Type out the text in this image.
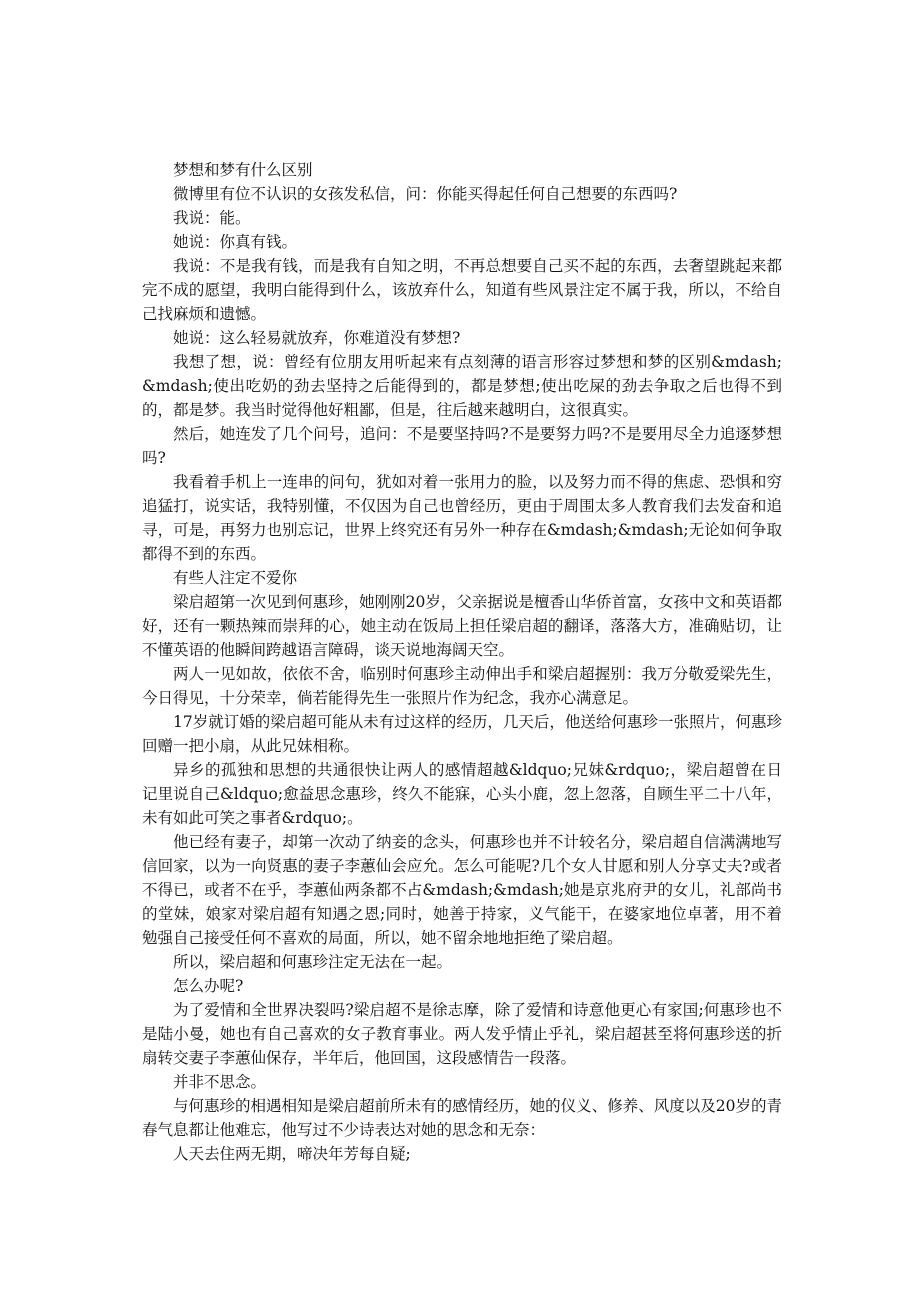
梦想和梦有什么区别

微博里有位不认识的女孩发私信，问：你能买得起任何自己想要的东西吗?

我说：能。

她说：你真有钱。

我说：不是我有钱，而是我有自知之明，不再总想要自己买不起的东西，去奢望跳起来都完不成的愿望，我明白能得到什么，该放弃什么，知道有些风景注定不属于我，所以，不给自己找麻烦和遗憾。

她说：这么轻易就放弃，你难道没有梦想?

我想了想，说：曾经有位朋友用听起来有点刻薄的语言形容过梦想和梦的区别&mdash;&mdash;使出吃奶的劲去坚持之后能得到的，都是梦想;使出吃屎的劲去争取之后也得不到的，都是梦。我当时觉得他好粗鄙，但是，往后越来越明白，这很真实。

然后，她连发了几个问号，追问：不是要坚持吗?不是要努力吗?不是要用尽全力追逐梦想吗?

我看着手机上一连串的问句，犹如对着一张用力的脸，以及努力而不得的焦虑、恐惧和穷追猛打，说实话，我特别懂，不仅因为自己也曾经历，更由于周围太多人教育我们去发奋和追寻，可是，再努力也别忘记，世界上终究还有另外一种存在&mdash;&mdash;无论如何争取都得不到的东西。

有些人注定不爱你

梁启超第一次见到何惠珍，她刚刚20岁，父亲据说是檀香山华侨首富，女孩中文和英语都好，还有一颗热辣而崇拜的心，她主动在饭局上担任梁启超的翻译，落落大方，准确贴切，让不懂英语的他瞬间跨越语言障碍，谈天说地海阔天空。

两人一见如故，依依不舍，临别时何惠珍主动伸出手和梁启超握别：我万分敬爱梁先生，今日得见，十分荣幸，倘若能得先生一张照片作为纪念，我亦心满意足。

17岁就订婚的梁启超可能从未有过这样的经历，几天后，他送给何惠珍一张照片，何惠珍回赠一把小扇，从此兄妹相称。

异乡的孤独和思想的共通很快让两人的感情超越&ldquo;兄妹&rdquo;，梁启超曾在日记里说自己&ldquo;愈益思念惠珍，终久不能寐，心头小鹿，忽上忽落，自顾生平二十八年，未有如此可笑之事者&rdquo;。

他已经有妻子，却第一次动了纳妾的念头，何惠珍也并不计较名分，梁启超自信满满地写信回家，以为一向贤惠的妻子李蕙仙会应允。怎么可能呢?几个女人甘愿和别人分享丈夫?或者不得已，或者不在乎，李蕙仙两条都不占&mdash;&mdash;她是京兆府尹的女儿，礼部尚书的堂妹，娘家对梁启超有知遇之恩;同时，她善于持家，义气能干，在婆家地位卓著，用不着勉强自己接受任何不喜欢的局面，所以，她不留余地地拒绝了梁启超。

所以，梁启超和何惠珍注定无法在一起。

怎么办呢?

为了爱情和全世界决裂吗?梁启超不是徐志摩，除了爱情和诗意他更心有家国;何惠珍也不是陆小曼，她也有自己喜欢的女子教育事业。两人发乎情止乎礼，梁启超甚至将何惠珍送的折扇转交妻子李蕙仙保存，半年后，他回国，这段感情告一段落。

并非不思念。

与何惠珍的相遇相知是梁启超前所未有的感情经历，她的仪义、修养、风度以及20岁的青春气息都让他难忘，他写过不少诗表达对她的思念和无奈：

人天去住两无期，啼决年芳每自疑;
